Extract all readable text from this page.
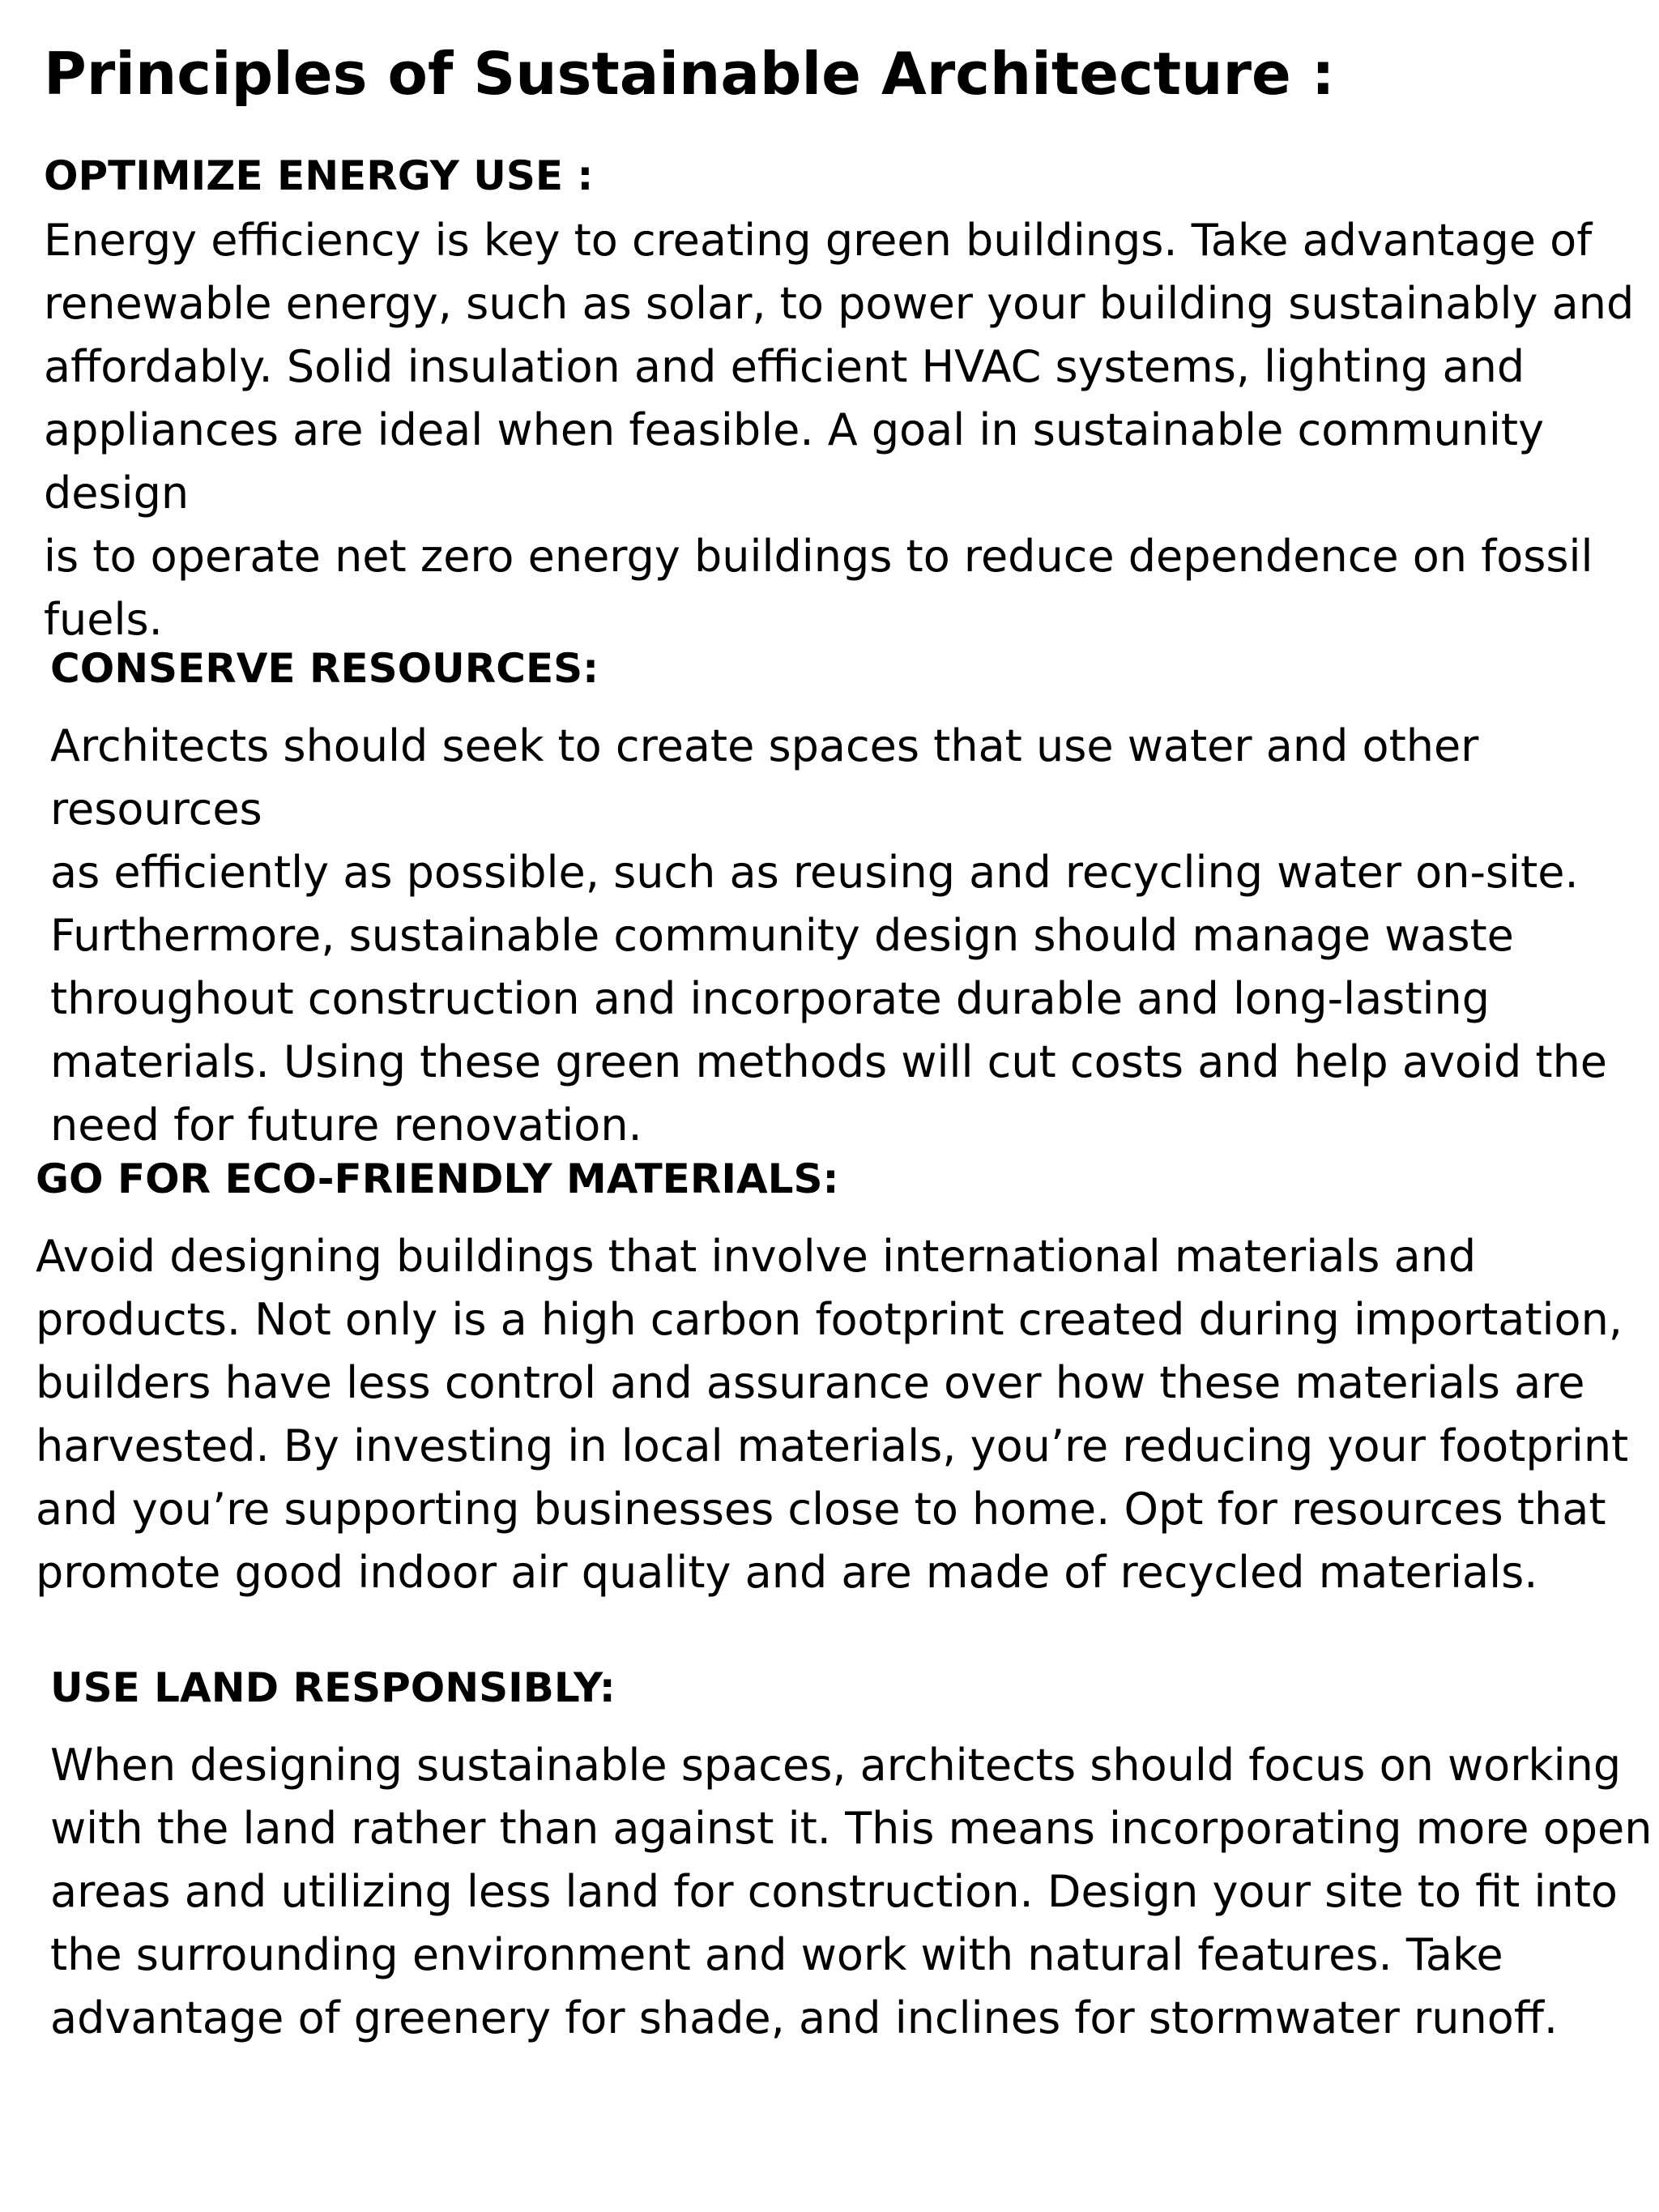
Principles of Sustainable Architecture :
OPTIMIZE ENERGY USE :

Energy efficiency is key to creating green buildings. Take advantage of
renewable energy, such as solar, to power your building sustainably and
affordably. Solid insulation and efficient HVAC systems, lighting and
appliances are ideal when feasible. A goal in sustainable community design
is to operate net zero energy buildings to reduce dependence on fossil
fuels.

CONSERVE RESOURCES:

Architects should seek to create spaces that use water and other resources
as efficiently as possible, such as reusing and recycling water on-site.
Furthermore, sustainable community design should manage waste
throughout construction and incorporate durable and long-lasting
materials. Using these green methods will cut costs and help avoid the
need for future renovation.

GO FOR ECO-FRIENDLY MATERIALS:

Avoid designing buildings that involve international materials and
products. Not only is a high carbon footprint created during importation,
builders have less control and assurance over how these materials are
harvested. By investing in local materials, you’re reducing your footprint
and you’re supporting businesses close to home. Opt for resources that
promote good indoor air quality and are made of recycled materials.

USE LAND RESPONSIBLY:

When designing sustainable spaces, architects should focus on working
with the land rather than against it. This means incorporating more open
areas and utilizing less land for construction. Design your site to fit into
the surrounding environment and work with natural features. Take
advantage of greenery for shade, and inclines for stormwater runoff.
